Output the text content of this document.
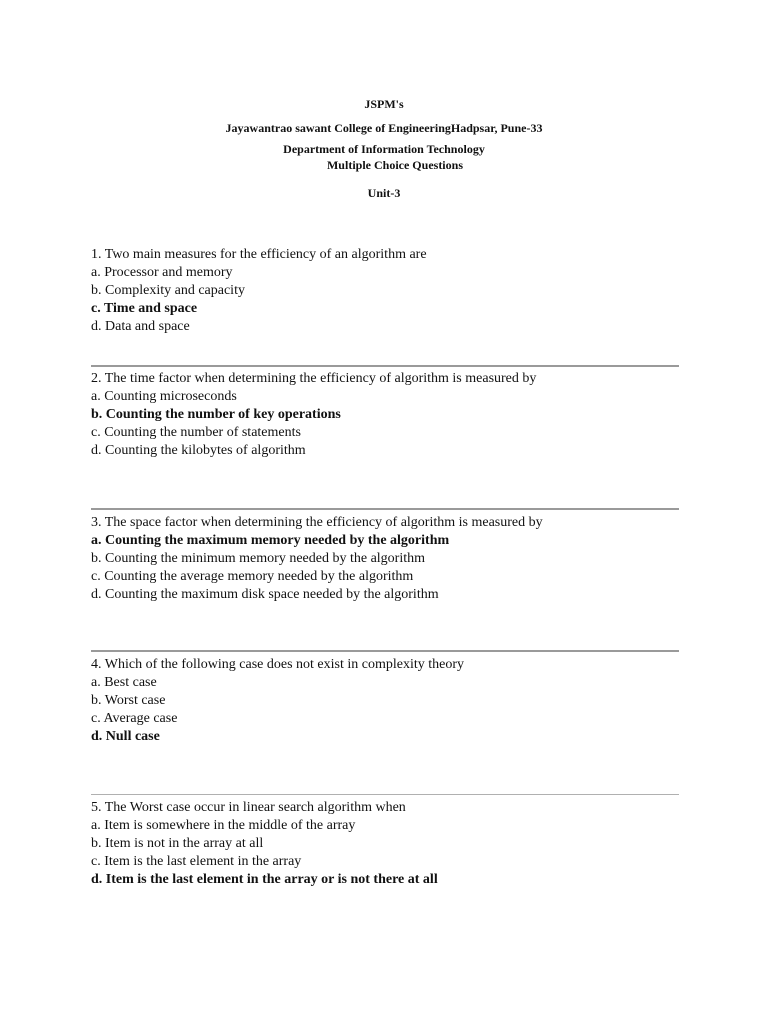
JSPM's
Jayawantrao sawant College of EngineeringHadpsar, Pune-33
Department of Information Technology
Multiple Choice Questions
Unit-3
1. Two main measures for the efficiency of an algorithm are
a. Processor and memory
b. Complexity and capacity
c. Time and space
d. Data and space
2. The time factor when determining the efficiency of algorithm is measured by
a. Counting microseconds
b. Counting the number of key operations
c. Counting the number of statements
d. Counting the kilobytes of algorithm
3. The space factor when determining the efficiency of algorithm is measured by
a. Counting the maximum memory needed by the algorithm
b. Counting the minimum memory needed by the algorithm
c. Counting the average memory needed by the algorithm
d. Counting the maximum disk space needed by the algorithm
4. Which of the following case does not exist in complexity theory
a. Best case
b. Worst case
c. Average case
d. Null case
5. The Worst case occur in linear search algorithm when
a. Item is somewhere in the middle of the array
b. Item is not in the array at all
c. Item is the last element in the array
d. Item is the last element in the array or is not there at all
